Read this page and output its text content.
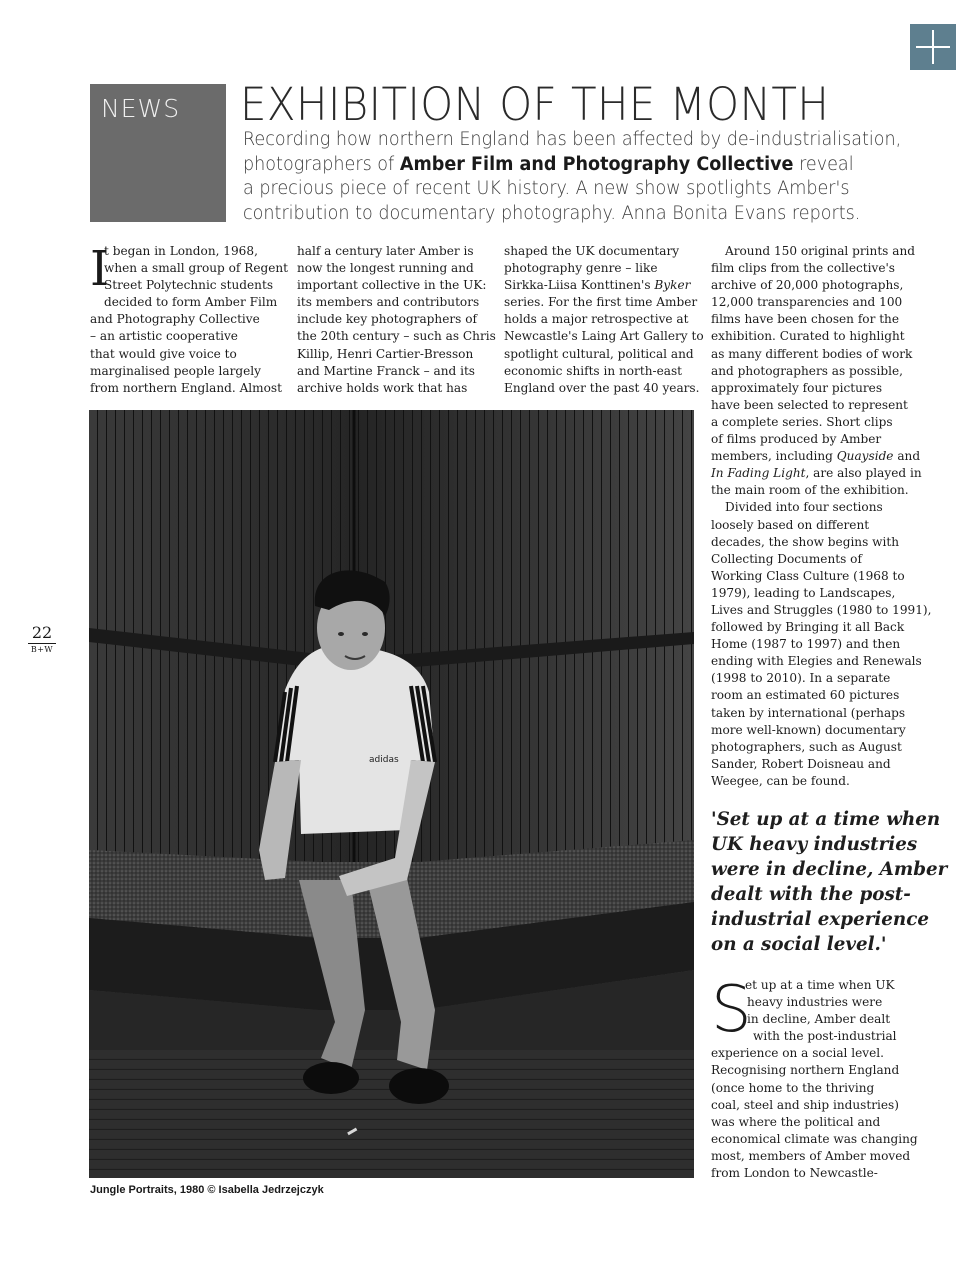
NEWS EXHIBITION OF THE MONTH

Recording how northern England has been affected by de-industrialisation,
photographers of Amber Film and Photography Collective reveal
a precious piece of recent UK history. A new show spotlights Amber's
contribution to documentary photography. Anna Bonita Evans reports.

I
t began in London, 1968,
when a small group of Regent
Street Polytechnic students
decided to form Amber Film
and Photography Collective
– an artistic cooperative
that would give voice to
marginalised people largely
from northern England. Almost
half a century later Amber is
now the longest running and
important collective in the UK:
its members and contributors
include key photographers of
the 20th century – such as Chris
Killip, Henri Cartier-Bresson
and Martine Franck – and its
archive holds work that has
shaped the UK documentary
photography genre – like
Sirkka-Liisa Konttinen's Byker
series. For the first time Amber
holds a major retrospective at
Newcastle's Laing Art Gallery to
spotlight cultural, political and
economic shifts in north-east
England over the past 40 years.
Around 150 original prints and
film clips from the collective's
archive of 20,000 photographs,
12,000 transparencies and 100
films have been chosen for the
exhibition. Curated to highlight
as many different bodies of work
and photographers as possible,
approximately four pictures
have been selected to represent
a complete series. Short clips
of films produced by Amber
members, including Quayside and
In Fading Light, are also played in
the main room of the exhibition.
Divided into four sections
loosely based on different
decades, the show begins with
Collecting Documents of
Working Class Culture (1968 to
1979), leading to Landscapes,
Lives and Struggles (1980 to 1991),
followed by Bringing it all Back
Home (1987 to 1997) and then
ending with Elegies and Renewals
(1998 to 2010). In a separate
room an estimated 60 pictures
taken by international (perhaps
more well-known) documentary
photographers, such as August
Sander, Robert Doisneau and
Weegee, can be found.
'Set up at a time when
UK heavy industries
were in decline, Amber
dealt with the post-
industrial experience
on a social level.'
S
et up at a time when UK
heavy industries were
in decline, Amber dealt
with the post-industrial
experience on a social level.
Recognising northern England
(once home to the thriving
coal, steel and ship industries)
was where the political and
economical climate was changing
most, members of Amber moved
from London to Newcastle-
adidas
Jungle Portraits, 1980 © Isabella Jedrzejczyk
22
B+W
